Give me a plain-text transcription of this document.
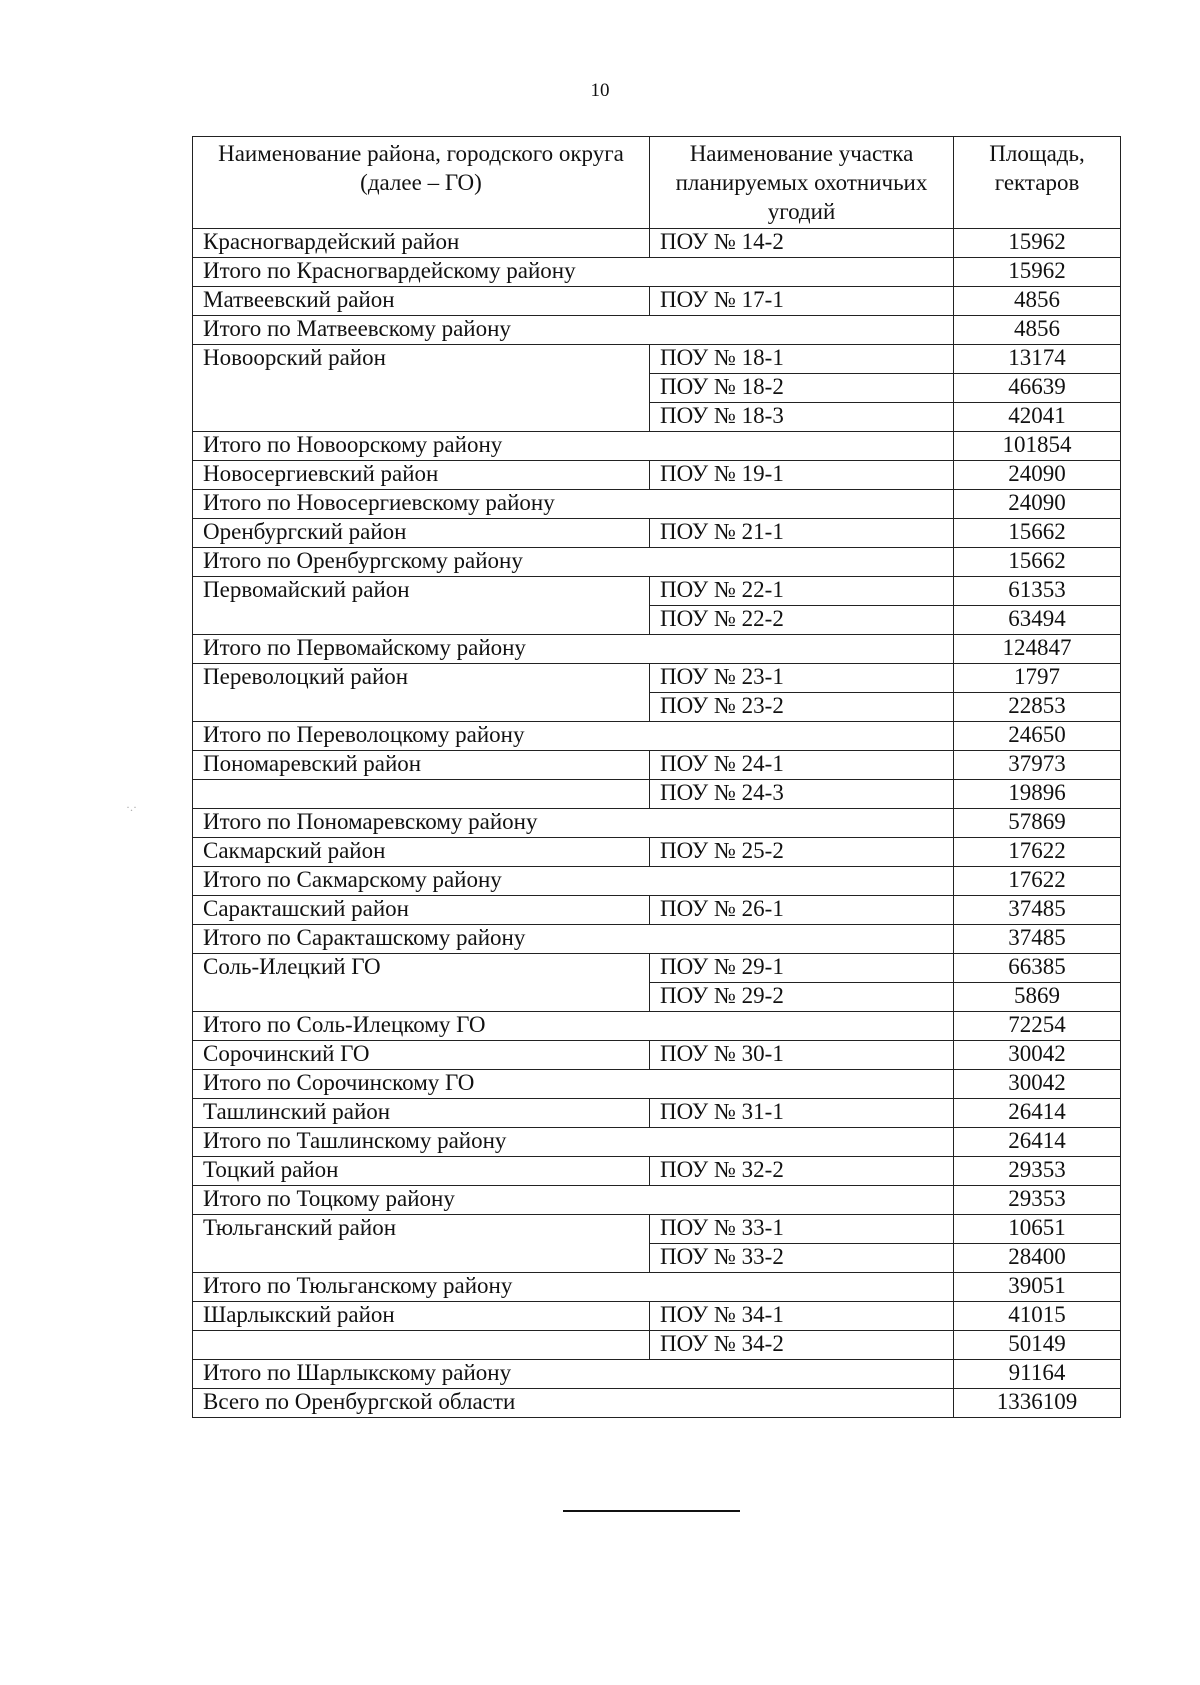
10
Наименование района, городского округа (далее – ГО)	Наименование участка планируемых охотничьих угодий	Площадь, гектаров
Красногвардейский район	ПОУ № 14-2	15962
Итого по Красногвардейскому району		15962
Матвеевский район	ПОУ № 17-1	4856
Итого по Матвеевскому району		4856
Новоорский район	ПОУ № 18-1	13174
	ПОУ № 18-2	46639
	ПОУ № 18-3	42041
Итого по Новоорскому району		101854
Новосергиевский район	ПОУ № 19-1	24090
Итого по Новосергиевскому району		24090
Оренбургский район	ПОУ № 21-1	15662
Итого по Оренбургскому району		15662
Первомайский район	ПОУ № 22-1	61353
	ПОУ № 22-2	63494
Итого по Первомайскому району		124847
Переволоцкий район	ПОУ № 23-1	1797
	ПОУ № 23-2	22853
Итого по Переволоцкому району		24650
Пономаревский район	ПОУ № 24-1	37973
	ПОУ № 24-3	19896
Итого по Пономаревскому району		57869
Сакмарский район	ПОУ № 25-2	17622
Итого по Сакмарскому району		17622
Саракташский район	ПОУ № 26-1	37485
Итого по Саракташскому району		37485
Соль-Илецкий ГО	ПОУ № 29-1	66385
	ПОУ № 29-2	5869
Итого по Соль-Илецкому ГО		72254
Сорочинский ГО	ПОУ № 30-1	30042
Итого по Сорочинскому ГО		30042
Ташлинский район	ПОУ № 31-1	26414
Итого по Ташлинскому району		26414
Тоцкий район	ПОУ № 32-2	29353
Итого по Тоцкому району		29353
Тюльганский район	ПОУ № 33-1	10651
	ПОУ № 33-2	28400
Итого по Тюльганскому району		39051
Шарлыкский район	ПОУ № 34-1	41015
	ПОУ № 34-2	50149
Итого по Шарлыкскому району		91164
Всего по Оренбургской области		1336109
·.·
